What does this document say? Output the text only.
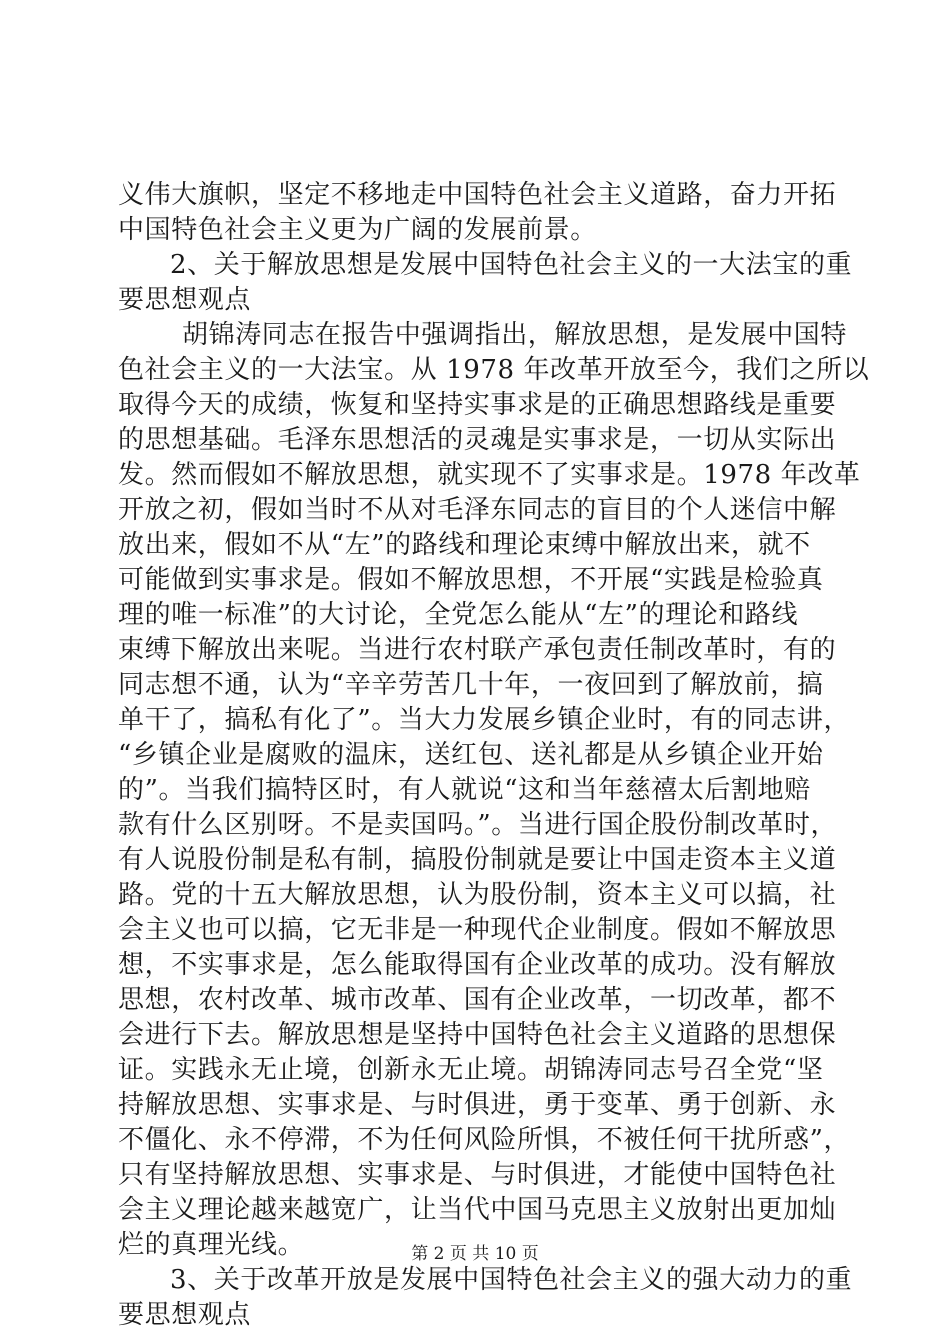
义伟大旗帜，坚定不移地走中国特色社会主义道路，奋力开拓
中国特色社会主义更为广阔的发展前景。
2、关于解放思想是发展中国特色社会主义的一大法宝的重
要思想观点
胡锦涛同志在报告中强调指出，解放思想，是发展中国特
色社会主义的一大法宝。从 1978 年改革开放至今，我们之所以
取得今天的成绩，恢复和坚持实事求是的正确思想路线是重要
的思想基础。毛泽东思想活的灵魂是实事求是，一切从实际出
发。然而假如不解放思想，就实现不了实事求是。1978 年改革
开放之初，假如当时不从对毛泽东同志的盲目的个人迷信中解
放出来，假如不从“左”的路线和理论束缚中解放出来，就不
可能做到实事求是。假如不解放思想，不开展“实践是检验真
理的唯一标准”的大讨论，全党怎么能从“左”的理论和路线
束缚下解放出来呢。当进行农村联产承包责任制改革时，有的
同志想不通，认为“辛辛劳苦几十年，一夜回到了解放前，搞
单干了，搞私有化了”。当大力发展乡镇企业时，有的同志讲，
“乡镇企业是腐败的温床，送红包、送礼都是从乡镇企业开始
的”。当我们搞特区时，有人就说“这和当年慈禧太后割地赔
款有什么区别呀。不是卖国吗。”。当进行国企股份制改革时，
有人说股份制是私有制，搞股份制就是要让中国走资本主义道
路。党的十五大解放思想，认为股份制，资本主义可以搞，社
会主义也可以搞，它无非是一种现代企业制度。假如不解放思
想，不实事求是，怎么能取得国有企业改革的成功。没有解放
思想，农村改革、城市改革、国有企业改革，一切改革，都不
会进行下去。解放思想是坚持中国特色社会主义道路的思想保
证。实践永无止境，创新永无止境。胡锦涛同志号召全党“坚
持解放思想、实事求是、与时俱进，勇于变革、勇于创新、永
不僵化、永不停滞，不为任何风险所惧，不被任何干扰所惑”，
只有坚持解放思想、实事求是、与时俱进，才能使中国特色社
会主义理论越来越宽广，让当代中国马克思主义放射出更加灿
烂的真理光线。
3、关于改革开放是发展中国特色社会主义的强大动力的重
要思想观点
第 2 页 共 10 页
